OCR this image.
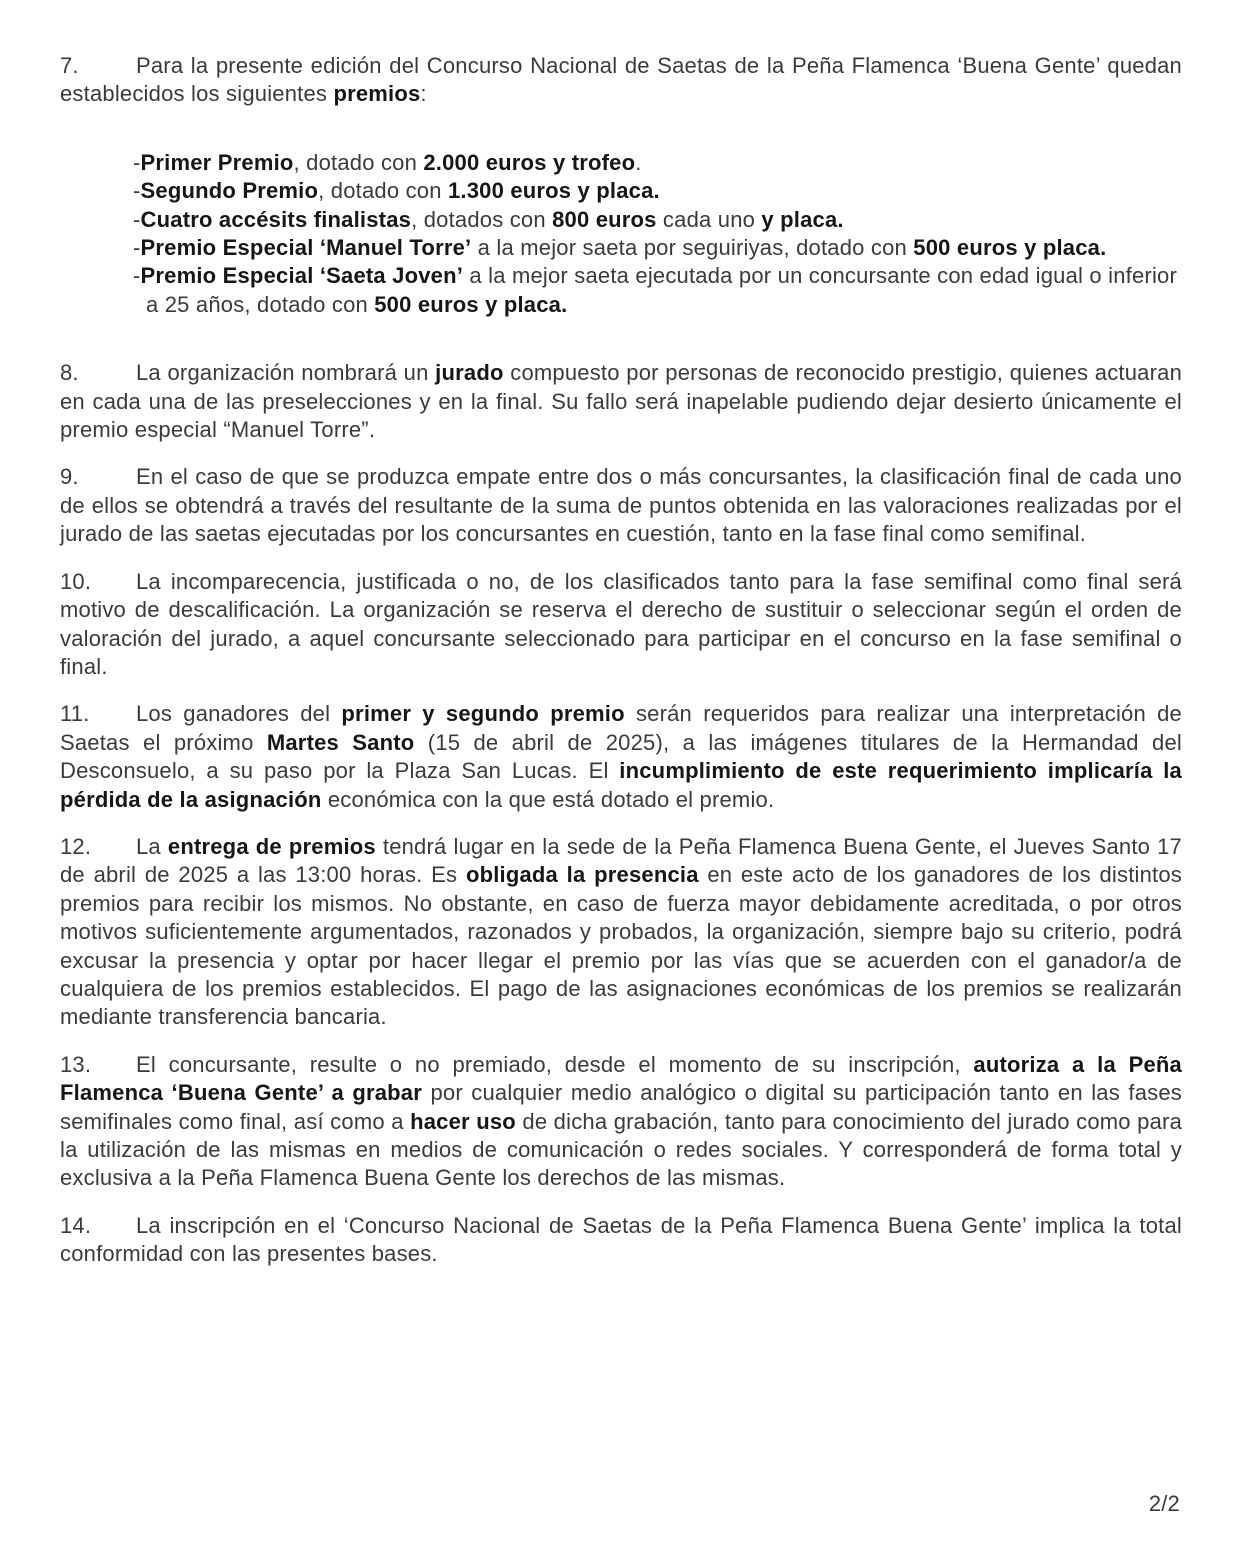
7.	Para la presente edición del Concurso Nacional de Saetas de la Peña Flamenca ‘Buena Gente’ quedan establecidos los siguientes premios:

-Primer Premio, dotado con 2.000 euros y trofeo.
-Segundo Premio, dotado con 1.300 euros y placa.
-Cuatro accésits finalistas, dotados con 800 euros cada uno y placa.
-Premio Especial ‘Manuel Torre’ a la mejor saeta por seguiriyas, dotado con 500 euros y placa.
-Premio Especial ‘Saeta Joven’ a la mejor saeta ejecutada por un concursante con edad igual o inferior a 25 años, dotado con 500 euros y placa.

8.	La organización nombrará un jurado compuesto por personas de reconocido prestigio, quienes actuaran en cada una de las preselecciones y en la final. Su fallo será inapelable pudiendo dejar desierto únicamente el premio especial “Manuel Torre”.

9.	En el caso de que se produzca empate entre dos o más concursantes, la clasificación final de cada uno de ellos se obtendrá a través del resultante de la suma de puntos obtenida en las valoraciones realizadas por el jurado de las saetas ejecutadas por los concursantes en cuestión, tanto en la fase final como semifinal.

10. La incomparecencia, justificada o no, de los clasificados tanto para la fase semifinal como final será motivo de descalificación. La organización se reserva el derecho de sustituir o seleccionar según el orden de valoración del jurado, a aquel concursante seleccionado para participar en el concurso en la fase semifinal o final.

11. Los ganadores del primer y segundo premio serán requeridos para realizar una interpretación de Saetas el próximo Martes Santo (15 de abril de 2025), a las imágenes titulares de la Hermandad del Desconsuelo, a su paso por la Plaza San Lucas. El incumplimiento de este requerimiento implicaría la pérdida de la asignación económica con la que está dotado el premio.

12. La entrega de premios tendrá lugar en la sede de la Peña Flamenca Buena Gente, el Jueves Santo 17 de abril de 2025 a las 13:00 horas. Es obligada la presencia en este acto de los ganadores de los distintos premios para recibir los mismos. No obstante, en caso de fuerza mayor debidamente acreditada, o por otros motivos suficientemente argumentados, razonados y probados, la organización, siempre bajo su criterio, podrá excusar la presencia y optar por hacer llegar el premio por las vías que se acuerden con el ganador/a de cualquiera de los premios establecidos. El pago de las asignaciones económicas de los premios se realizarán mediante transferencia bancaria.

13. El concursante, resulte o no premiado, desde el momento de su inscripción, autoriza a la Peña Flamenca ‘Buena Gente’ a grabar por cualquier medio analógico o digital su participación tanto en las fases semifinales como final, así como a hacer uso de dicha grabación, tanto para conocimiento del jurado como para la utilización de las mismas en medios de comunicación o redes sociales. Y corresponderá de forma total y exclusiva a la Peña Flamenca Buena Gente los derechos de las mismas.

14. La inscripción en el ‘Concurso Nacional de Saetas de la Peña Flamenca Buena Gente’ implica la total conformidad con las presentes bases.

2/2
